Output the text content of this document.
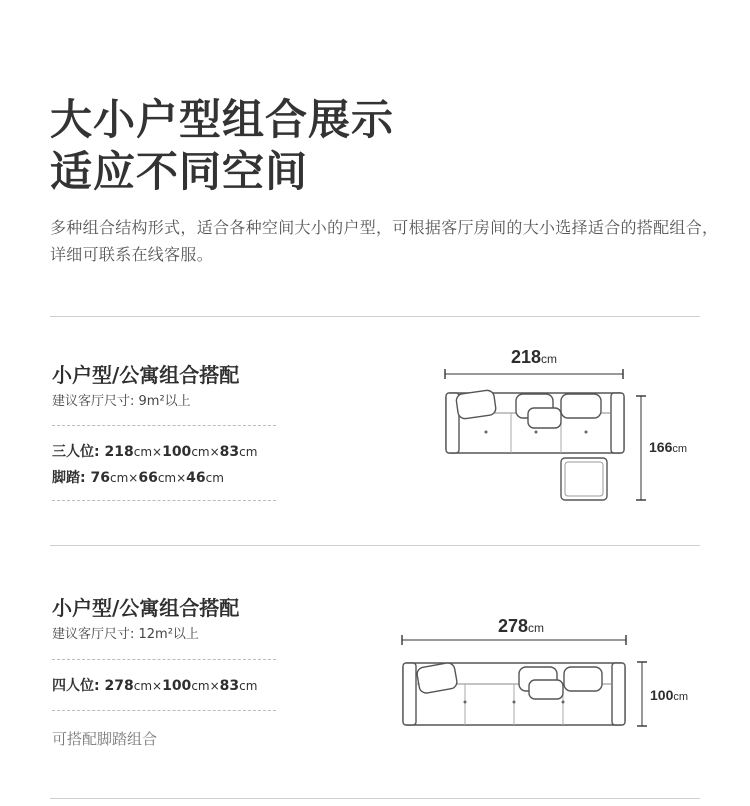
大小户型组合展示
适应不同空间
多种组合结构形式，适合各种空间大小的户型，可根据客厅房间的大小选择适合的搭配组合，详细可联系在线客服。
小户型/公寓组合搭配
建议客厅尺寸: 9m²以上
三人位: 218cm×100cm×83cm
脚踏: 76cm×66cm×46cm
218cm
166cm
小户型/公寓组合搭配
建议客厅尺寸: 12m²以上
四人位: 278cm×100cm×83cm
可搭配脚踏组合
278cm
100cm
